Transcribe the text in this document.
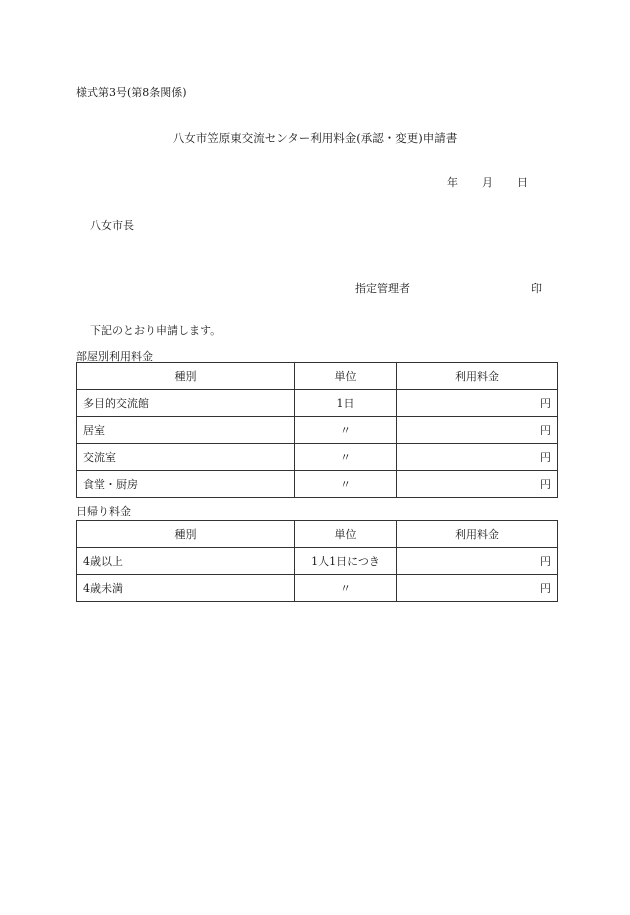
様式第3号(第8条関係)
八女市笠原東交流センター利用料金(承認・変更)申請書
年 月 日
八女市長
指定管理者	印
下記のとおり申請します。
部屋別利用料金
種別	単位	利用料金
多目的交流館	1日	円
居室	〃	円
交流室	〃	円
食堂・厨房	〃	円
日帰り料金
種別	単位	利用料金
4歳以上	1人1日につき	円
4歳未満	〃	円
